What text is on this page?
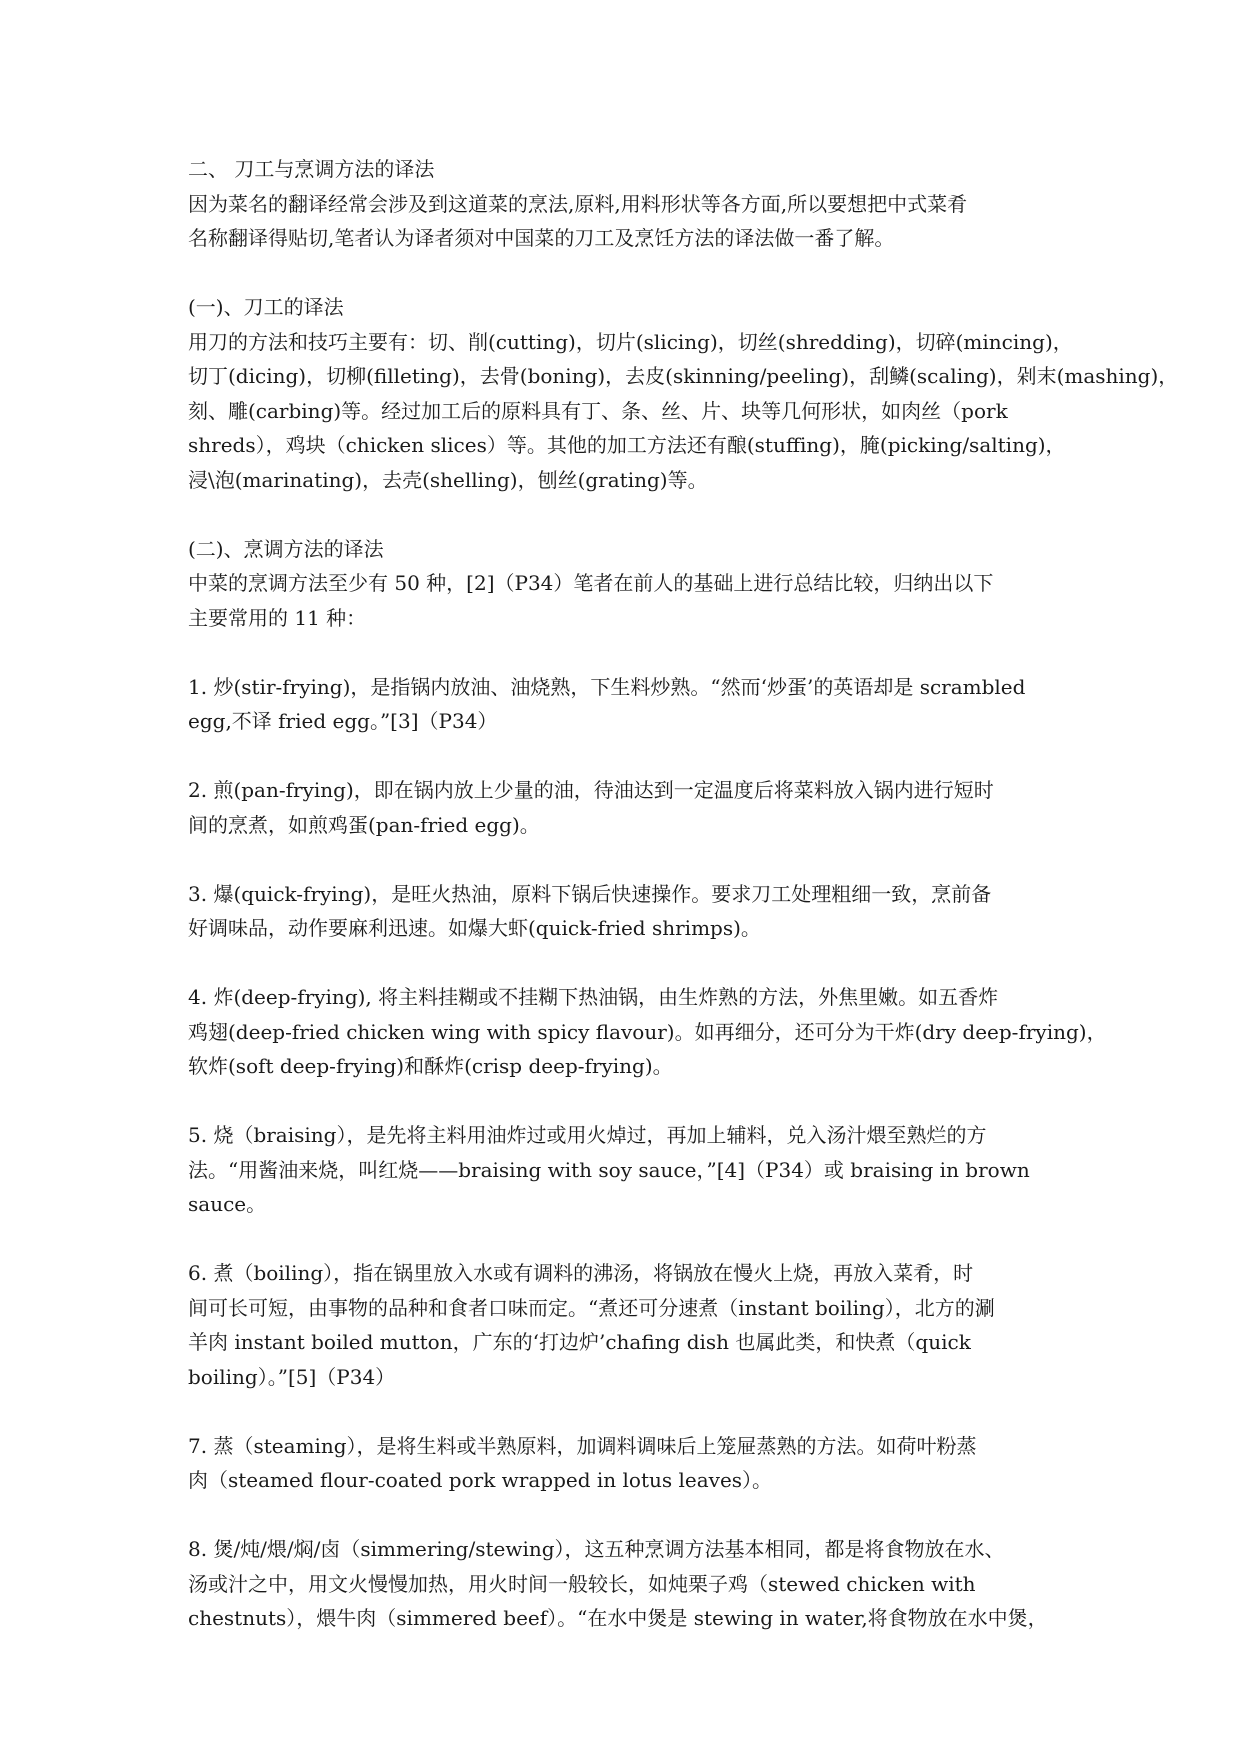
二、 刀工与烹调方法的译法
因为菜名的翻译经常会涉及到这道菜的烹法,原料,用料形状等各方面,所以要想把中式菜肴
名称翻译得贴切,笔者认为译者须对中国菜的刀工及烹饪方法的译法做一番了解。
(一)、刀工的译法
用刀的方法和技巧主要有：切、削(cutting)，切片(slicing)，切丝(shredding)，切碎(mincing)，
切丁(dicing)，切柳(filleting)，去骨(boning)，去皮(skinning/peeling)，刮鳞(scaling)，剁末(mashing)，
刻、雕(carbing)等。经过加工后的原料具有丁、条、丝、片、块等几何形状，如肉丝（pork
shreds），鸡块（chicken slices）等。其他的加工方法还有酿(stuffing)，腌(picking/salting)，
浸\泡(marinating)，去壳(shelling)，刨丝(grating)等。
(二)、烹调方法的译法
中菜的烹调方法至少有 50 种，[2]（P34）笔者在前人的基础上进行总结比较，归纳出以下
主要常用的 11 种：
1. 炒(stir-frying)，是指锅内放油、油烧熟，下生料炒熟。“然而‘炒蛋’的英语却是 scrambled
egg,不译 fried egg。”[3]（P34）
2. 煎(pan-frying)，即在锅内放上少量的油，待油达到一定温度后将菜料放入锅内进行短时
间的烹煮，如煎鸡蛋(pan-fried egg)。
3. 爆(quick-frying)，是旺火热油，原料下锅后快速操作。要求刀工处理粗细一致，烹前备
好调味品，动作要麻利迅速。如爆大虾(quick-fried shrimps)。
4. 炸(deep-frying), 将主料挂糊或不挂糊下热油锅，由生炸熟的方法，外焦里嫩。如五香炸
鸡翅(deep-fried chicken wing with spicy flavour)。如再细分，还可分为干炸(dry deep-frying)，
软炸(soft deep-frying)和酥炸(crisp deep-frying)。
5. 烧（braising），是先将主料用油炸过或用火焯过，再加上辅料，兑入汤汁煨至熟烂的方
法。“用酱油来烧，叫红烧——braising with soy sauce，”[4]（P34）或 braising in brown
sauce。
6. 煮（boiling），指在锅里放入水或有调料的沸汤，将锅放在慢火上烧，再放入菜肴，时
间可长可短，由事物的品种和食者口味而定。“煮还可分速煮（instant boiling），北方的涮
羊肉 instant boiled mutton，广东的‘打边炉’chafing dish 也属此类，和快煮（quick
boiling）。”[5]（P34）
7. 蒸（steaming），是将生料或半熟原料，加调料调味后上笼屉蒸熟的方法。如荷叶粉蒸
肉（steamed flour-coated pork wrapped in lotus leaves）。
8. 煲/炖/煨/焖/卤（simmering/stewing），这五种烹调方法基本相同，都是将食物放在水、
汤或汁之中，用文火慢慢加热，用火时间一般较长，如炖栗子鸡（stewed chicken with
chestnuts），煨牛肉（simmered beef）。“在水中煲是 stewing in water,将食物放在水中煲，
